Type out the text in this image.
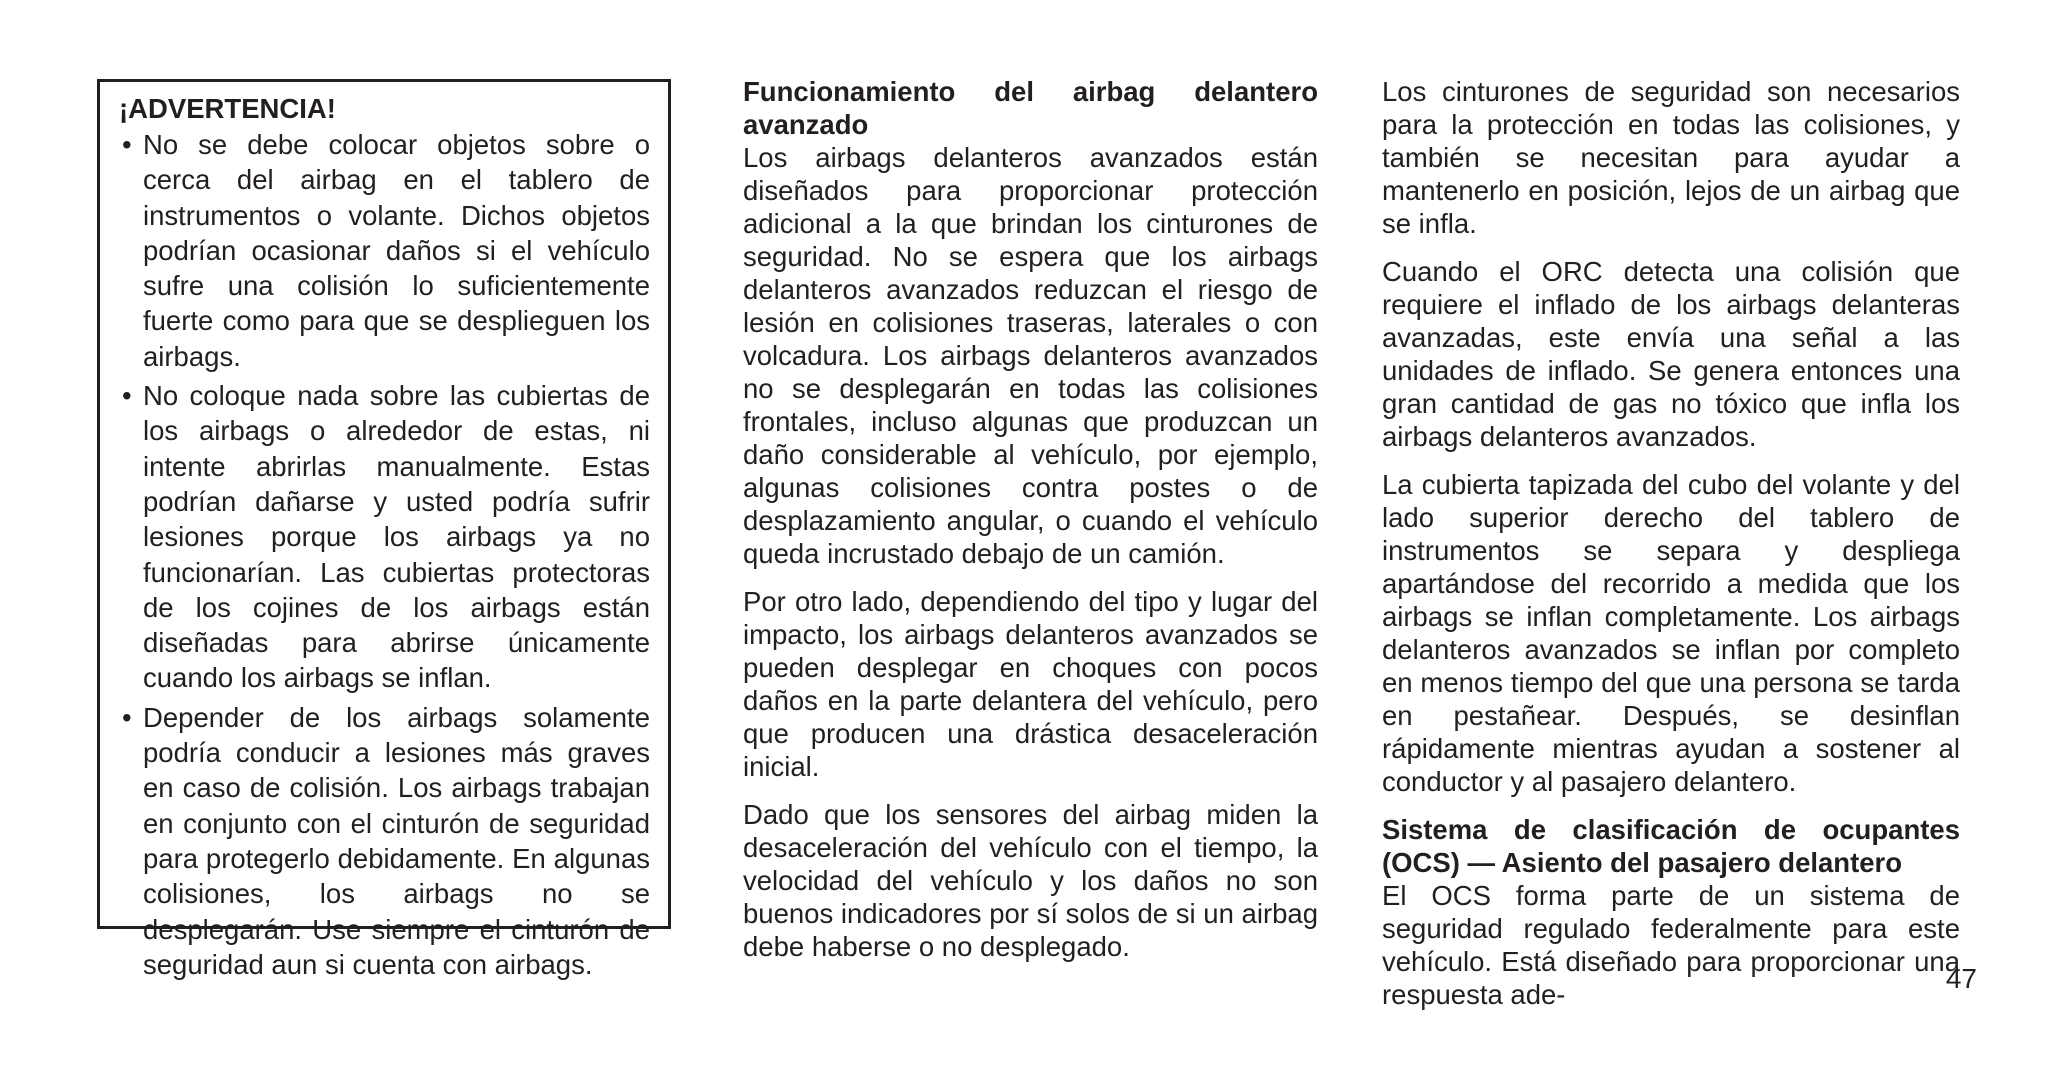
¡ADVERTENCIA!

• No se debe colocar objetos sobre o cerca del airbag en el tablero de instrumentos o volante. Dichos objetos podrían ocasionar daños si el vehículo sufre una colisión lo suficientemente fuerte como para que se desplieguen los airbags.

• No coloque nada sobre las cubiertas de los airbags o alrededor de estas, ni intente abrirlas manualmente. Estas podrían dañarse y usted podría sufrir lesiones porque los airbags ya no funcionarían. Las cubiertas protectoras de los cojines de los airbags están diseñadas para abrirse únicamente cuando los airbags se inflan.

• Depender de los airbags solamente podría conducir a lesiones más graves en caso de colisión. Los airbags trabajan en conjunto con el cinturón de seguridad para protegerlo debidamente. En algunas colisiones, los airbags no se desplegarán. Use siempre el cinturón de seguridad aun si cuenta con airbags.

Funcionamiento del airbag delantero avanzado

Los airbags delanteros avanzados están diseñados para proporcionar protección adicional a la que brindan los cinturones de seguridad. No se espera que los airbags delanteros avanzados reduzcan el riesgo de lesión en colisiones traseras, laterales o con volcadura. Los airbags delanteros avanzados no se desplegarán en todas las colisiones frontales, incluso algunas que produzcan un daño considerable al vehículo, por ejemplo, algunas colisiones contra postes o de desplazamiento angular, o cuando el vehículo queda incrustado debajo de un camión.

Por otro lado, dependiendo del tipo y lugar del impacto, los airbags delanteros avanzados se pueden desplegar en choques con pocos daños en la parte delantera del vehículo, pero que producen una drástica desaceleración inicial.

Dado que los sensores del airbag miden la desaceleración del vehículo con el tiempo, la velocidad del vehículo y los daños no son buenos indicadores por sí solos de si un airbag debe haberse o no desplegado.

Los cinturones de seguridad son necesarios para la protección en todas las colisiones, y también se necesitan para ayudar a mantenerlo en posición, lejos de un airbag que se infla.

Cuando el ORC detecta una colisión que requiere el inflado de los airbags delanteras avanzadas, este envía una señal a las unidades de inflado. Se genera entonces una gran cantidad de gas no tóxico que infla los airbags delanteros avanzados.

La cubierta tapizada del cubo del volante y del lado superior derecho del tablero de instrumentos se separa y despliega apartándose del recorrido a medida que los airbags se inflan completamente. Los airbags delanteros avanzados se inflan por completo en menos tiempo del que una persona se tarda en pestañear. Después, se desinflan rápidamente mientras ayudan a sostener al conductor y al pasajero delantero.

Sistema de clasificación de ocupantes (OCS) — Asiento del pasajero delantero

El OCS forma parte de un sistema de seguridad regulado federalmente para este vehículo. Está diseñado para proporcionar una respuesta ade-

47
